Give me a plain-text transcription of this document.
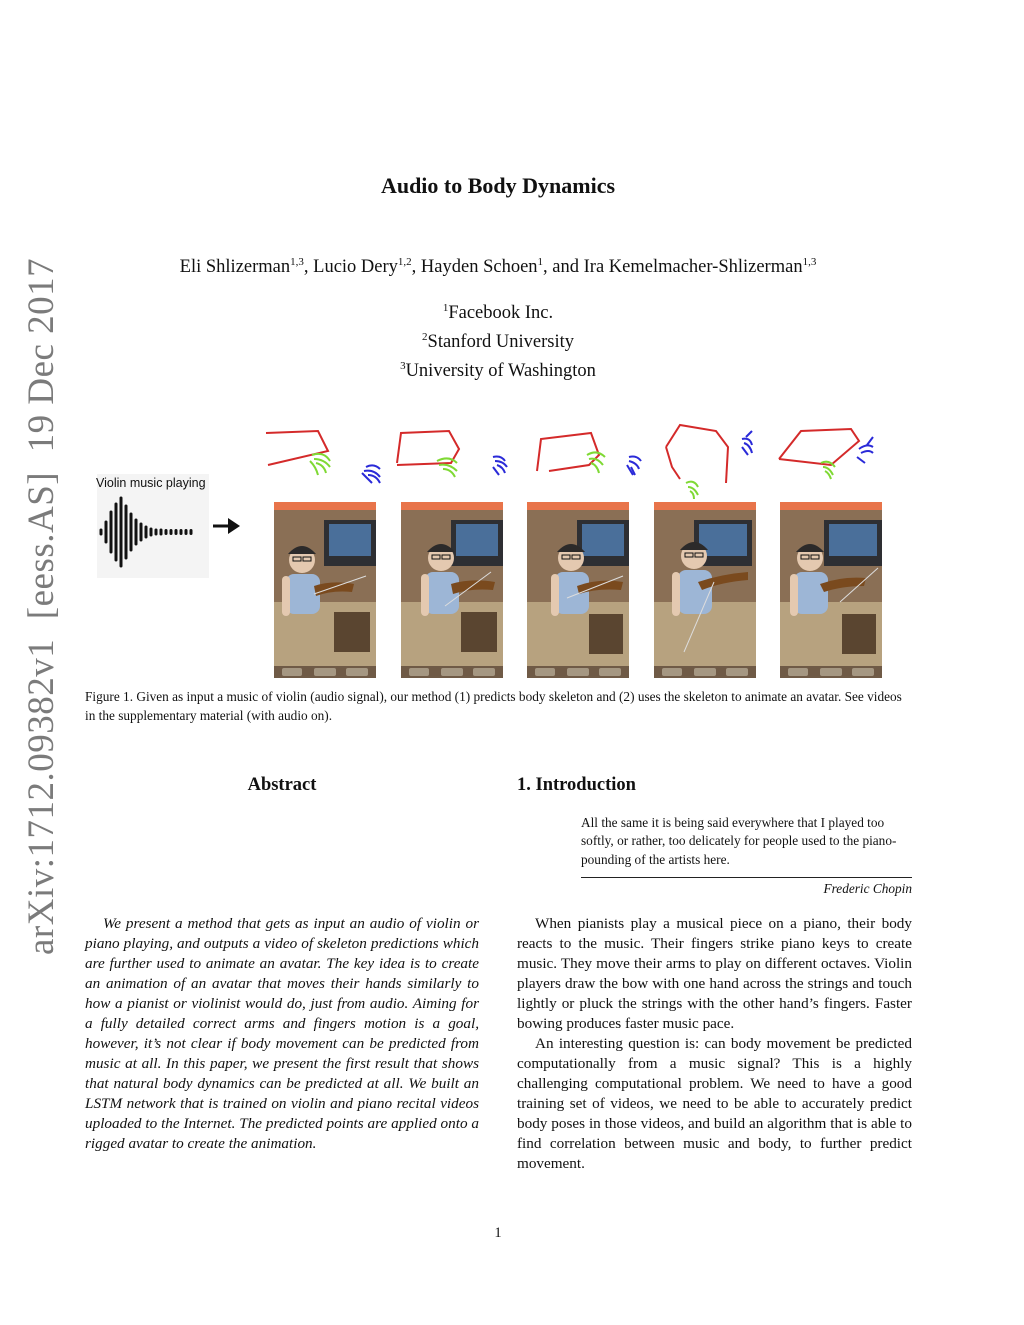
arXiv:1712.09382v1  [eess.AS]  19 Dec 2017
Audio to Body Dynamics
Eli Shlizerman$^{1,3}$, Lucio Dery$^{1,2}$, Hayden Schoen$^1$, and Ira Kemelmacher-Shlizerman$^{1,3}$
$^1$Facebook Inc.
$^2$Stanford University
$^3$University of Washington
Violin music playing
Figure 1. Given as input a music of violin (audio signal), our method (1) predicts body skeleton and (2) uses the skeleton to animate an avatar. See videos in the supplementary material (with audio on).
Abstract	1. Introduction
All the same it is being said everywhere that I played too softly, or rather, too delicately for people used to the piano-pounding of the artists here.
Frederic Chopin

We present a method that gets as input an audio of violin or piano playing, and outputs a video of skeleton predictions which are further used to animate an avatar. The key idea is to create an animation of an avatar that moves their hands similarly to how a pianist or violinist would do, just from audio. Aiming for a fully detailed correct arms and fingers motion is a goal, however, it’s not clear if body movement can be predicted from music at all. In this paper, we present the first result that shows that natural body dynamics can be predicted at all. We built an LSTM network that is trained on violin and piano recital videos uploaded to the Internet. The predicted points are applied onto a rigged avatar to create the animation.

When pianists play a musical piece on a piano, their body reacts to the music. Their fingers strike piano keys to create music. They move their arms to play on different octaves. Violin players draw the bow with one hand across the strings and touch lightly or pluck the strings with the other hand’s fingers. Faster bowing produces faster music pace.

An interesting question is: can body movement be predicted computationally from a music signal? This is a highly challenging computational problem. We need to have a good training set of videos, we need to be able to accurately predict body poses in those videos, and build an algorithm that is able to find correlation between music and body, to further predict movement.

1
